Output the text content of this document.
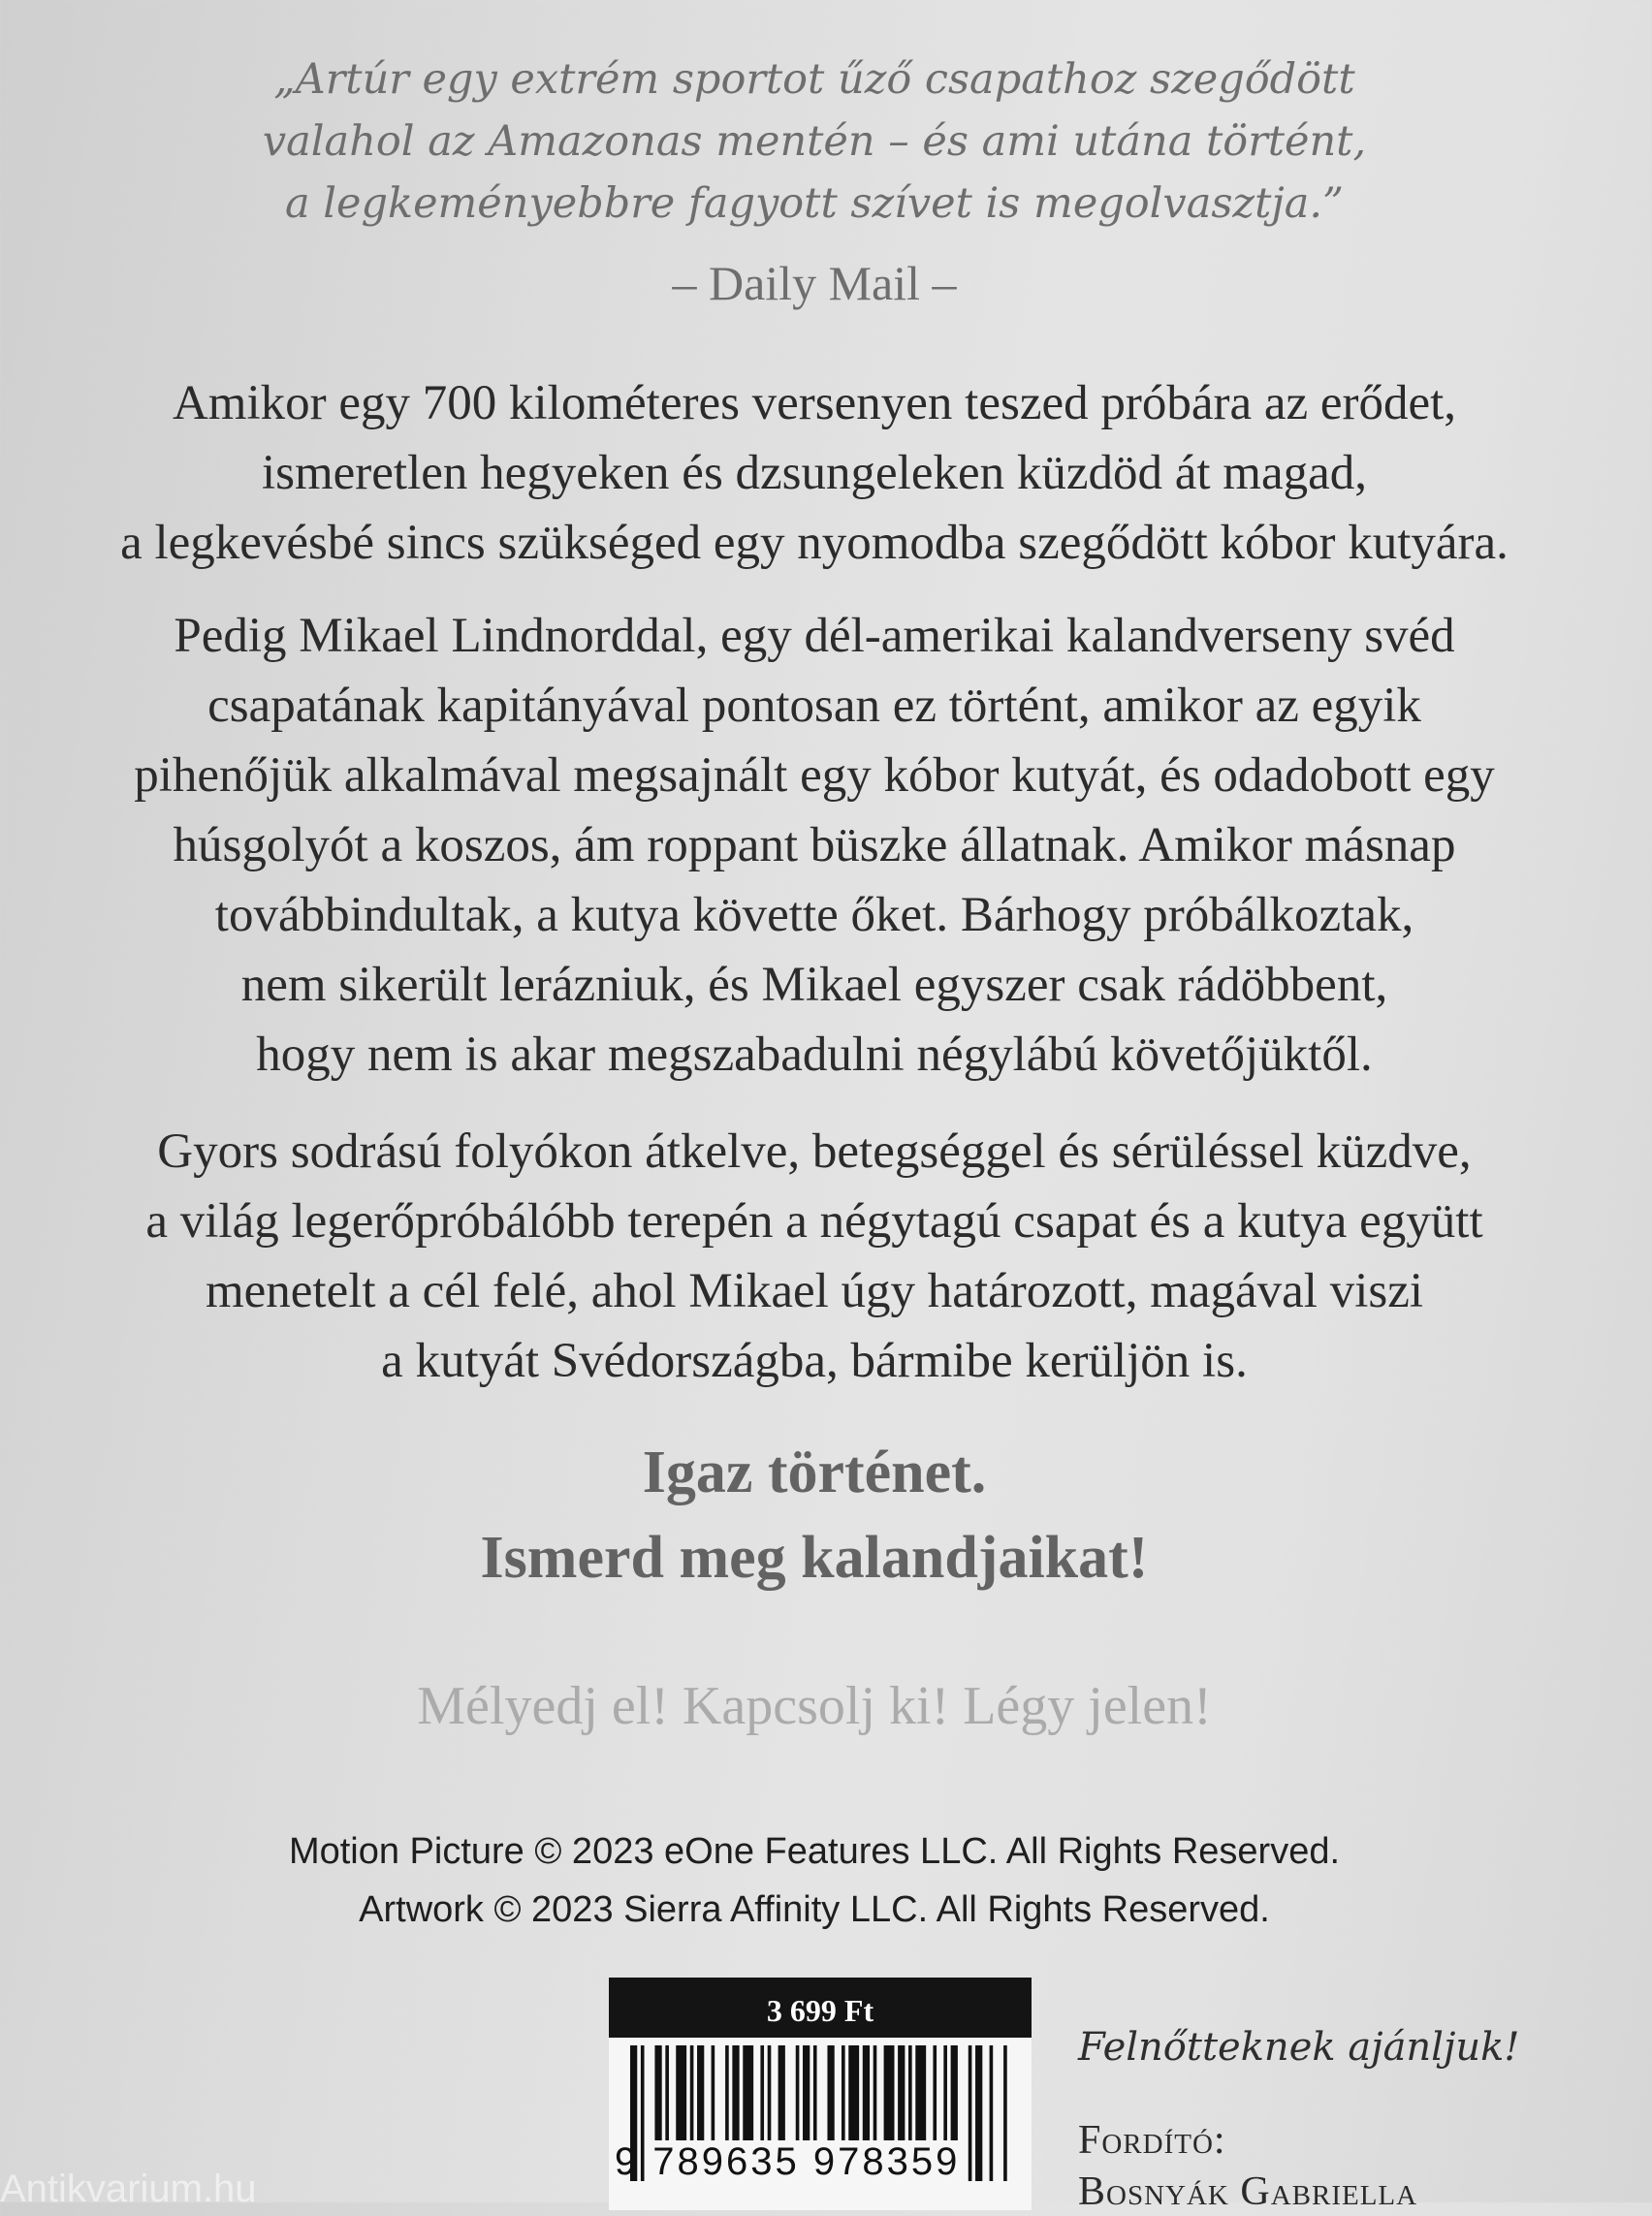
„Artúr egy extrém sportot űző csapathoz szegődött
valahol az Amazonas mentén – és ami utána történt,
a legkeményebbre fagyott szívet is megolvasztja.”
– Daily Mail –
Amikor egy 700 kilométeres versenyen teszed próbára az erődet,
ismeretlen hegyeken és dzsungeleken küzdöd át magad,
a legkevésbé sincs szükséged egy nyomodba szegődött kóbor kutyára.
Pedig Mikael Lindnorddal, egy dél-amerikai kalandverseny svéd
csapatának kapitányával pontosan ez történt, amikor az egyik
pihenőjük alkalmával megsajnált egy kóbor kutyát, és odadobott egy
húsgolyót a koszos, ám roppant büszke állatnak. Amikor másnap
továbbindultak, a kutya követte őket. Bárhogy próbálkoztak,
nem sikerült lerázniuk, és Mikael egyszer csak rádöbbent,
hogy nem is akar megszabadulni négylábú követőjüktől.
Gyors sodrású folyókon átkelve, betegséggel és sérüléssel küzdve,
a világ legerőpróbálóbb terepén a négytagú csapat és a kutya együtt
menetelt a cél felé, ahol Mikael úgy határozott, magával viszi
a kutyát Svédországba, bármibe kerüljön is.
Igaz történet.
Ismerd meg kalandjaikat!
Mélyedj el! Kapcsolj ki! Légy jelen!
Motion Picture © 2023 eOne Features LLC. All Rights Reserved.
Artwork © 2023 Sierra Affinity LLC. All Rights Reserved.
3 699 Ft
9 789635 978359
Felnőtteknek ajánljuk!
Fordító:
Bosnyák Gabriella
Antikvarium.hu
